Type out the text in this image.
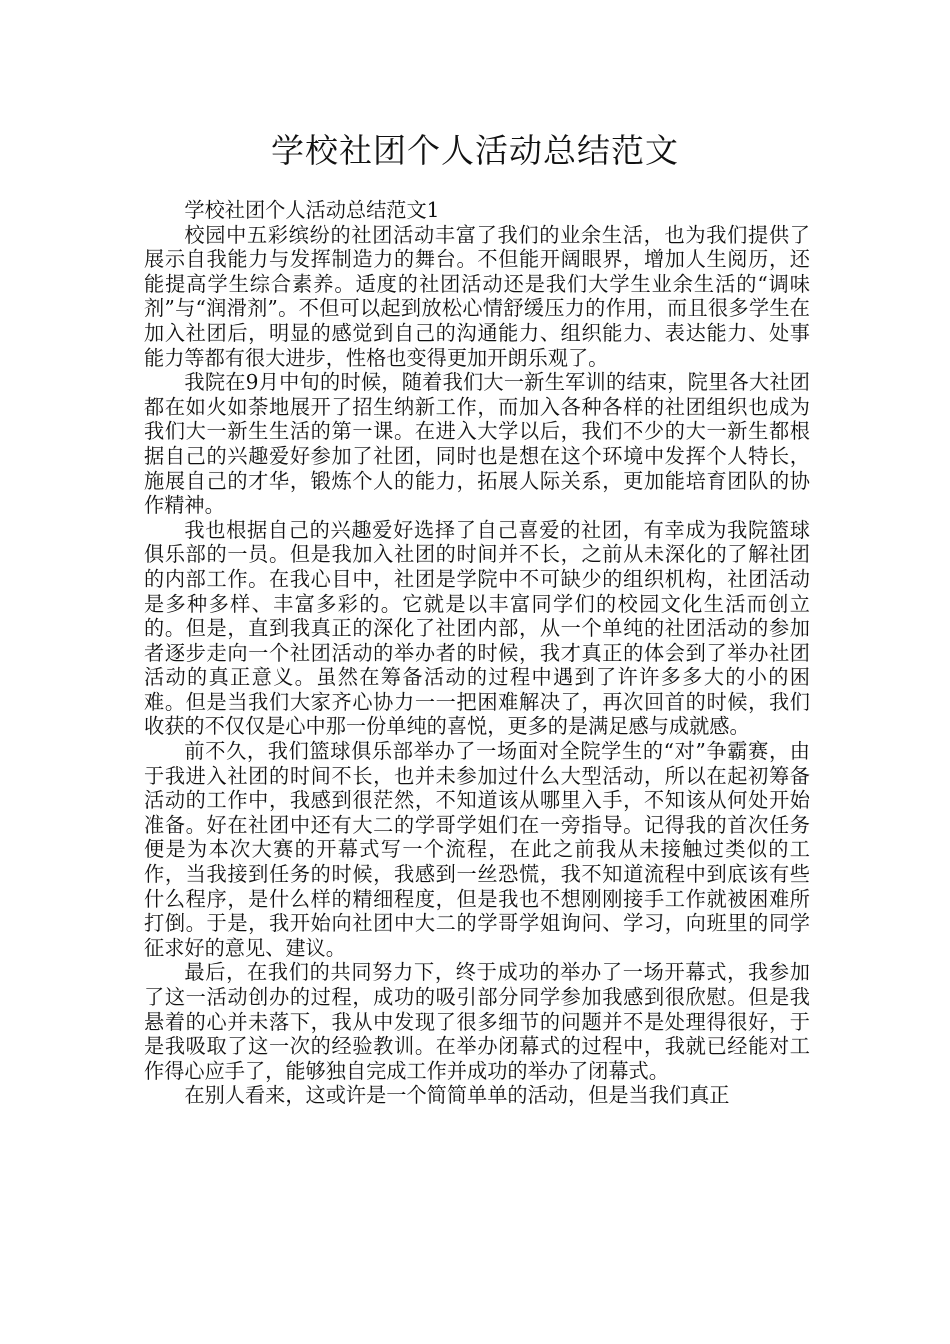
学校社团个人活动总结范文

学校社团个人活动总结范文1

校园中五彩缤纷的社团活动丰富了我们的业余生活，也为我们提供了展示自我能力与发挥制造力的舞台。不但能开阔眼界，增加人生阅历，还能提高学生综合素养。适度的社团活动还是我们大学生业余生活的“调味剂”与“润滑剂”。不但可以起到放松心情舒缓压力的作用，而且很多学生在加入社团后，明显的感觉到自己的沟通能力、组织能力、表达能力、处事能力等都有很大进步，性格也变得更加开朗乐观了。

我院在9月中旬的时候，随着我们大一新生军训的结束，院里各大社团都在如火如荼地展开了招生纳新工作，而加入各种各样的社团组织也成为我们大一新生生活的第一课。在进入大学以后，我们不少的大一新生都根据自己的兴趣爱好参加了社团，同时也是想在这个环境中发挥个人特长，施展自己的才华，锻炼个人的能力，拓展人际关系，更加能培育团队的协作精神。

我也根据自己的兴趣爱好选择了自己喜爱的社团，有幸成为我院篮球俱乐部的一员。但是我加入社团的时间并不长，之前从未深化的了解社团的内部工作。在我心目中，社团是学院中不可缺少的组织机构，社团活动是多种多样、丰富多彩的。它就是以丰富同学们的校园文化生活而创立的。但是，直到我真正的深化了社团内部，从一个单纯的社团活动的参加者逐步走向一个社团活动的举办者的时候，我才真正的体会到了举办社团活动的真正意义。虽然在筹备活动的过程中遇到了许许多多大的小的困难。但是当我们大家齐心协力一一把困难解决了，再次回首的时候，我们收获的不仅仅是心中那一份单纯的喜悦，更多的是满足感与成就感。

前不久，我们篮球俱乐部举办了一场面对全院学生的“对”争霸赛，由于我进入社团的时间不长，也并未参加过什么大型活动，所以在起初筹备活动的工作中，我感到很茫然，不知道该从哪里入手，不知该从何处开始准备。好在社团中还有大二的学哥学姐们在一旁指导。记得我的首次任务便是为本次大赛的开幕式写一个流程，在此之前我从未接触过类似的工作，当我接到任务的时候，我感到一丝恐慌，我不知道流程中到底该有些什么程序，是什么样的精细程度，但是我也不想刚刚接手工作就被困难所打倒。于是，我开始向社团中大二的学哥学姐询问、学习，向班里的同学征求好的意见、建议。

最后，在我们的共同努力下，终于成功的举办了一场开幕式，我参加了这一活动创办的过程，成功的吸引部分同学参加我感到很欣慰。但是我悬着的心并未落下，我从中发现了很多细节的问题并不是处理得很好，于是我吸取了这一次的经验教训。在举办闭幕式的过程中，我就已经能对工作得心应手了，能够独自完成工作并成功的举办了闭幕式。

在别人看来，这或许是一个简简单单的活动，但是当我们真正
